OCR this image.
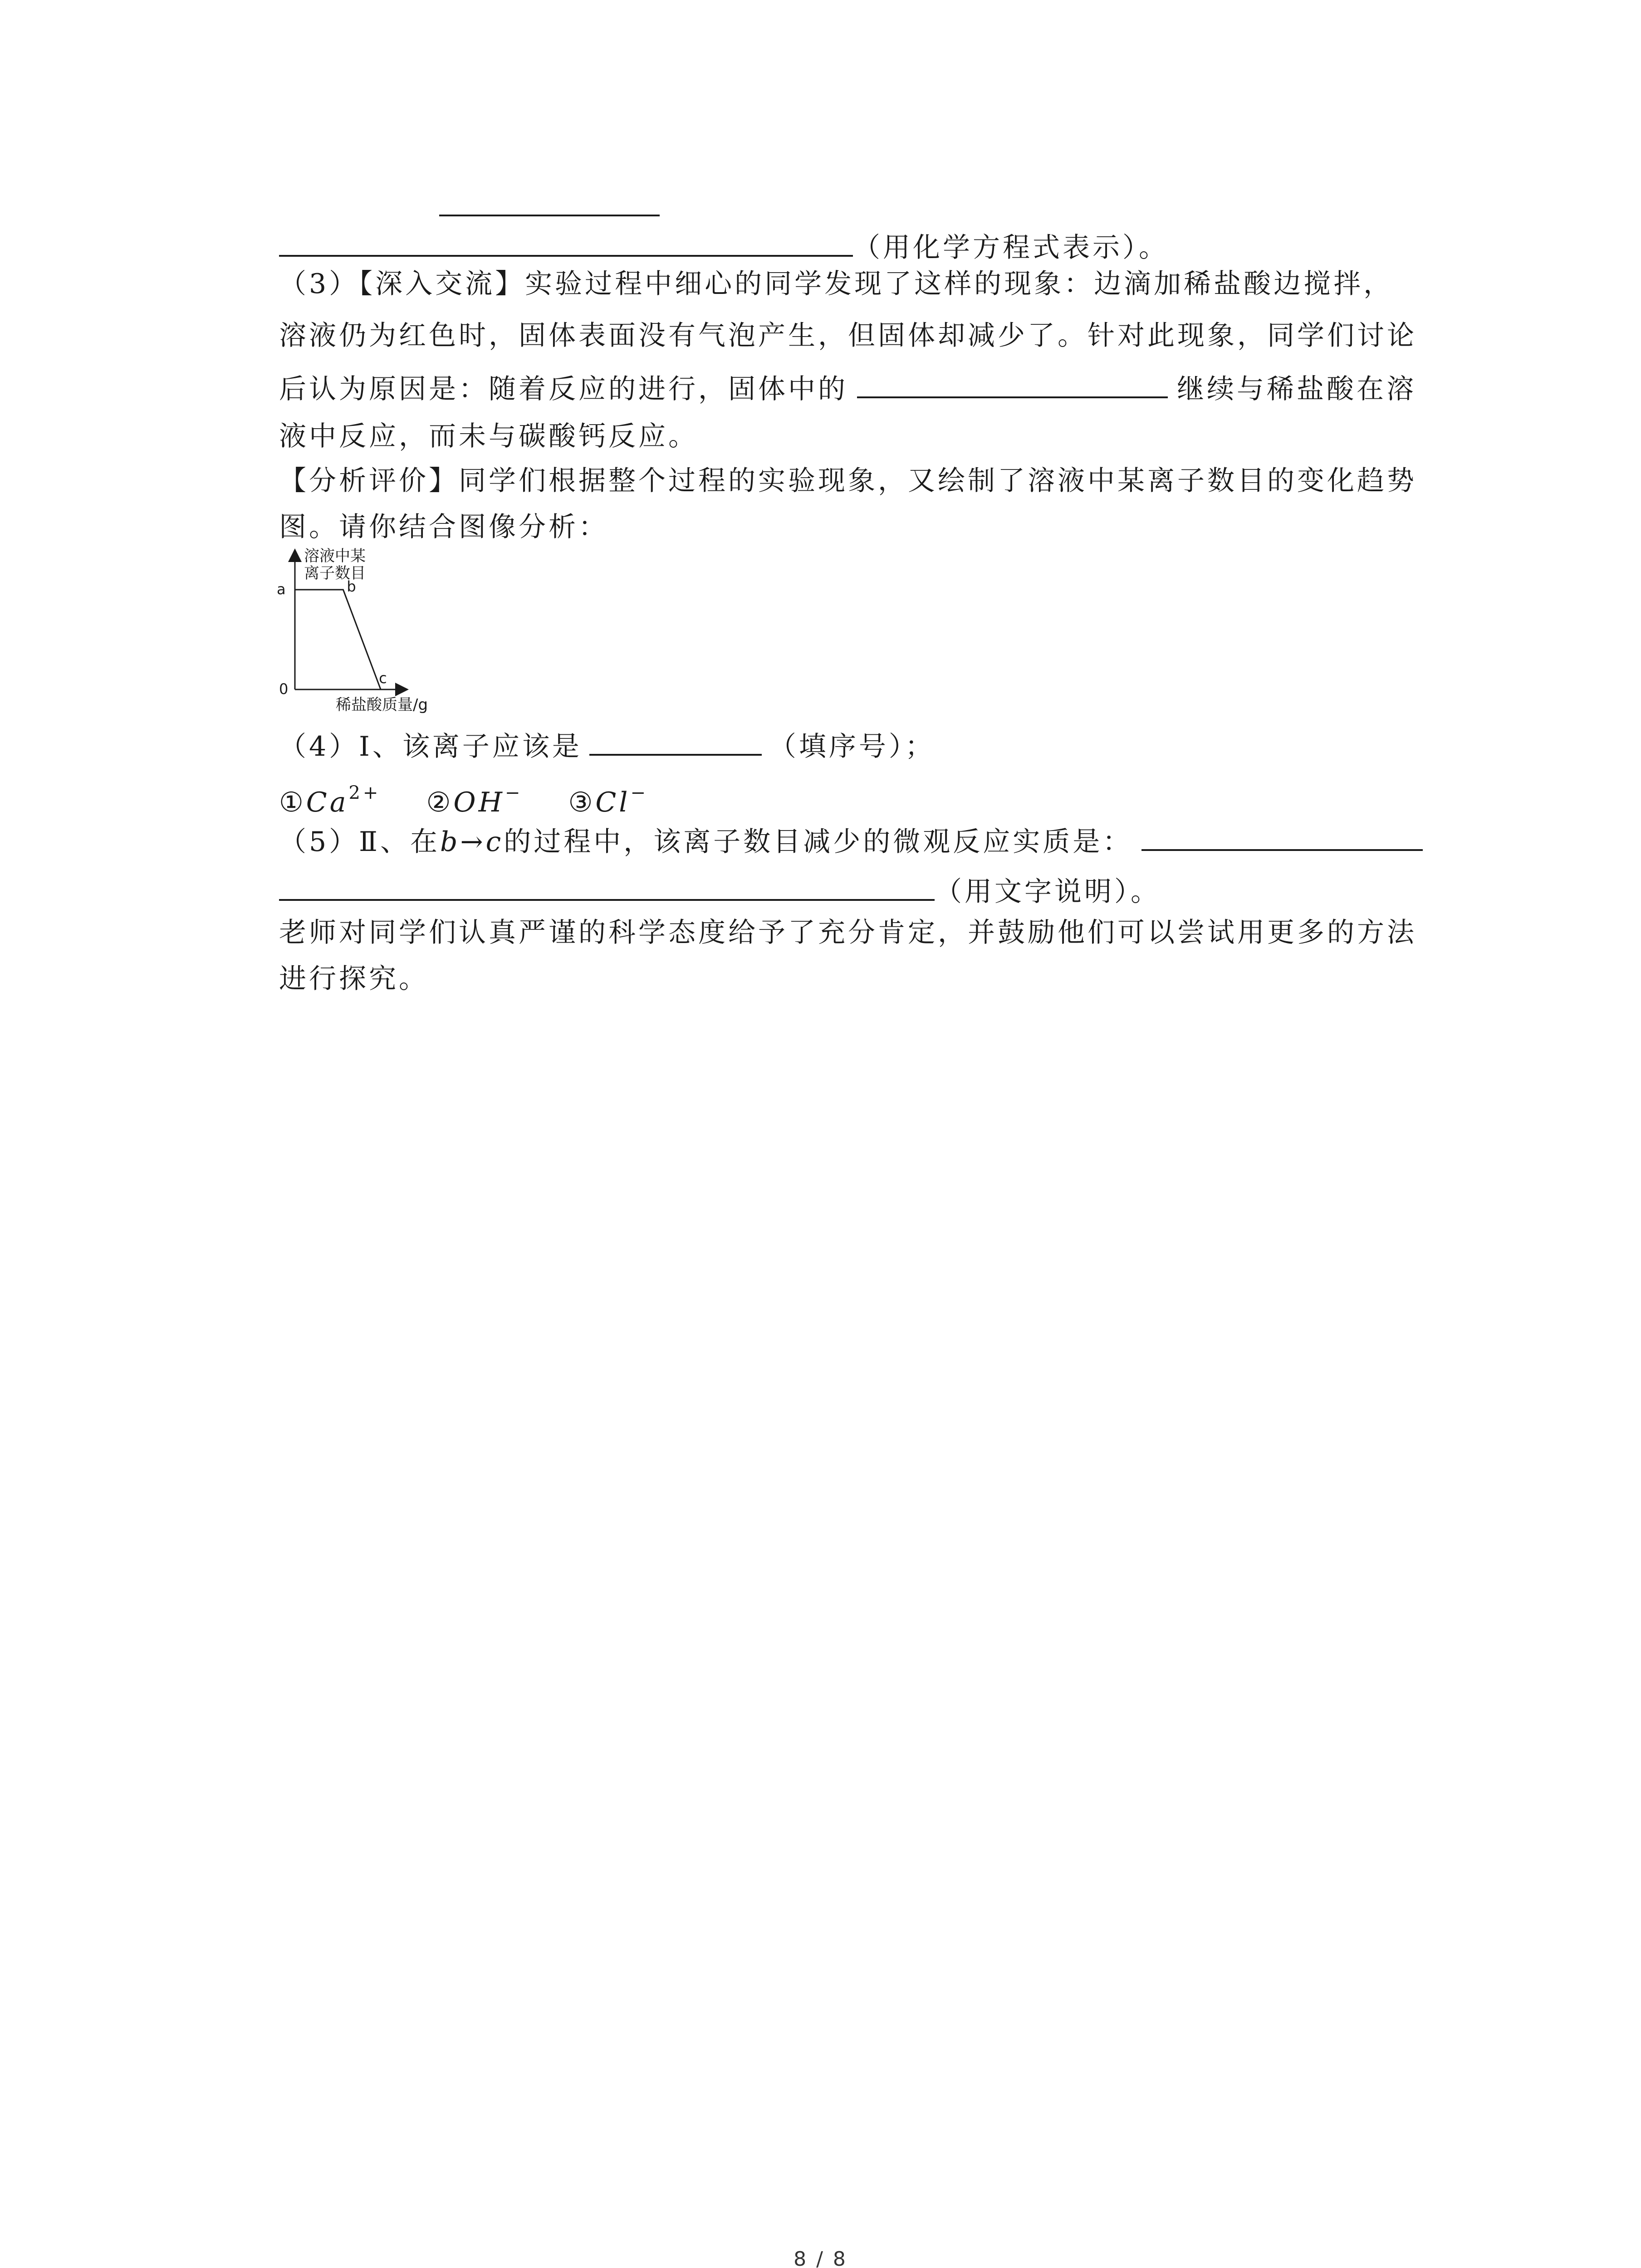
（用化学方程式表示）。
（3）【深入交流】实验过程中细心的同学发现了这样的现象：边滴加稀盐酸边搅拌，
溶液仍为红色时，固体表面没有气泡产生，但固体却减少了。针对此现象，同学们讨论
后认为原因是：随着反应的进行，固体中的	继续与稀盐酸在溶
液中反应，而未与碳酸钙反应。
【分析评价】同学们根据整个过程的实验现象，又绘制了溶液中某离子数目的变化趋势
图。请你结合图像分析：
溶液中某
离子数目
稀盐酸质量/g
0
a	b
c
（4）Ⅰ、该离子应该是	（填序号）；
$①Ca^{2+}$ ②OH− ③Cl−
（5）Ⅱ、在b→c的过程中，该离子数目减少的微观反应实质是：
（用文字说明）。
老师对同学们认真严谨的科学态度给予了充分肯定，并鼓励他们可以尝试用更多的方法
进行探究。
8 / 8
